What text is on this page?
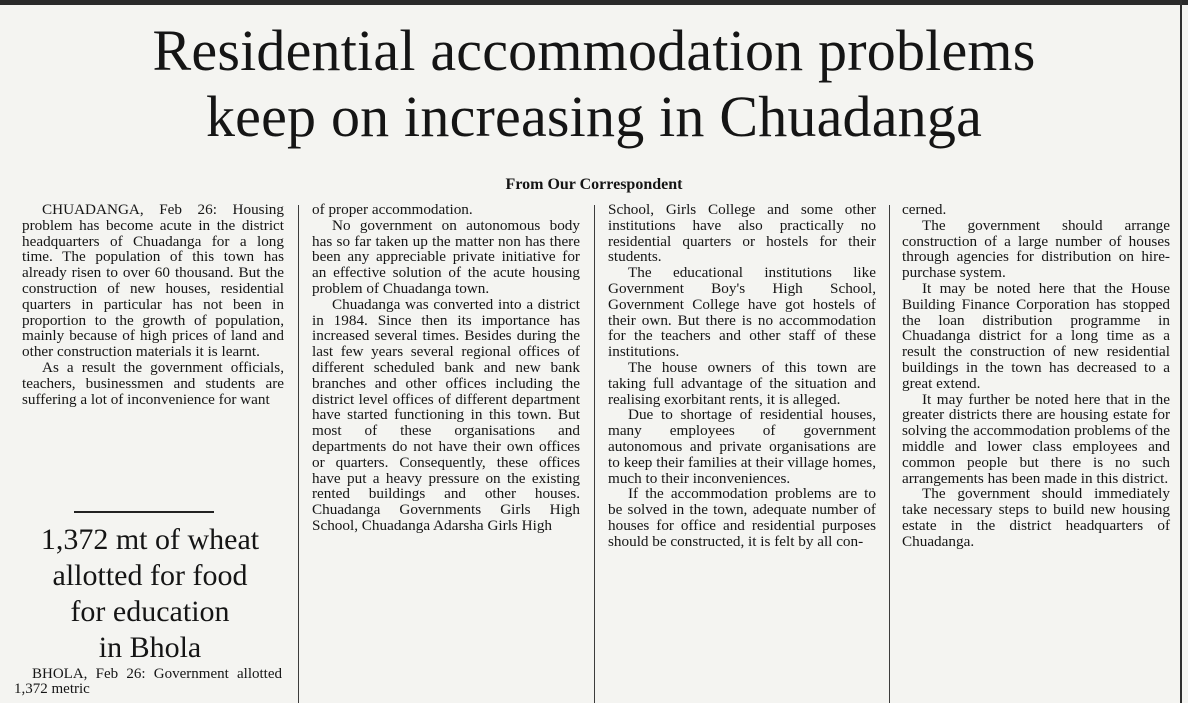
Residential accommodation problems
keep on increasing in Chuadanga
From Our Correspondent

CHUADANGA, Feb 26: Housing problem has become acute in the district headquarters of Chuadanga for a long time. The population of this town has already risen to over 60 thousand. But the construction of new houses, residential quarters in particular has not been in proportion to the growth of population, mainly because of high prices of land and other construction materials it is learnt.

As a result the government officials, teachers, businessmen and students are suffering a lot of inconvenience for want

of proper accommodation.

No government on autonomous body has so far taken up the matter non has there been any appreciable private initiative for an effective solution of the acute housing problem of Chuadanga town.

Chuadanga was converted into a district in 1984. Since then its importance has increased several times. Besides during the last few years several regional offices of different scheduled bank and new bank branches and other offices including the district level offices of different department have started functioning in this town. But most of these organisations and departments do not have their own offices or quarters. Consequently, these offices have put a heavy pressure on the existing rented buildings and other houses. Chuadanga Governments Girls High School, Chuadanga Adarsha Girls High

School, Girls College and some other institutions have also practically no residential quarters or hostels for their students.

The educational institutions like Government Boy's High School, Government College have got hostels of their own. But there is no accommodation for the teachers and other staff of these institutions.

The house owners of this town are taking full advantage of the situation and realising exorbitant rents, it is alleged.

Due to shortage of residential houses, many employees of government autonomous and private organisations are to keep their families at their village homes, much to their inconveniences.

If the accommodation problems are to be solved in the town, adequate number of houses for office and residential purposes should be constructed, it is felt by all con-

cerned.

The government should arrange construction of a large number of houses through agencies for distribution on hire-purchase system.

It may be noted here that the House Building Finance Corporation has stopped the loan distribution programme in Chuadanga district for a long time as a result the construction of new residential buildings in the town has decreased to a great extend.

It may further be noted here that in the greater districts there are housing estate for solving the accommodation problems of the middle and lower class employees and common people but there is no such arrangements has been made in this district.

The government should immediately take necessary steps to build new housing estate in the district headquarters of Chuadanga.

1,372 mt of wheat
allotted for food
for education
in Bhola

BHOLA, Feb 26: Government allotted 1,372 metric
